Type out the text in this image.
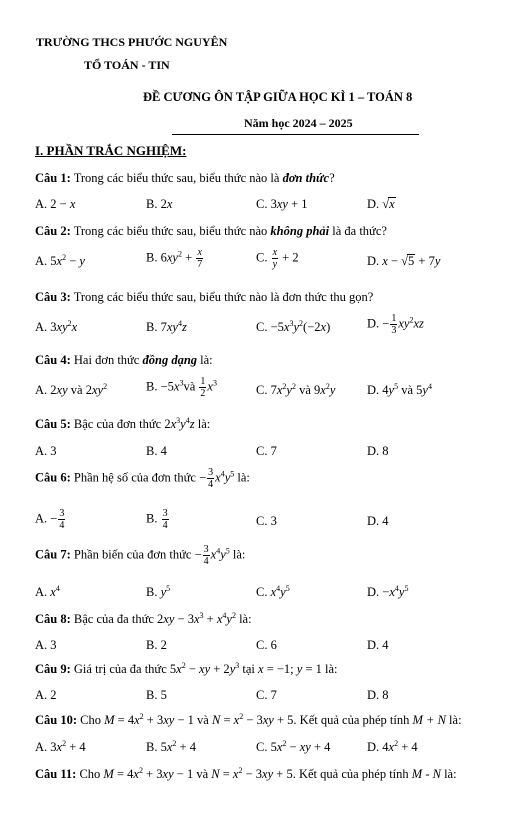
TRƯỜNG THCS PHƯỚC NGUYÊN
TỔ TOÁN - TIN
ĐỀ CƯƠNG ÔN TẬP GIỮA HỌC KÌ 1 – TOÁN 8
Năm học 2024 – 2025
I. PHẦN TRẮC NGHIỆM:
Câu 1: Trong các biểu thức sau, biểu thức nào là đơn thức?
A. 2 − x	B. 2x	C. 3xy + 1	D. √x
Câu 2: Trong các biểu thức sau, biểu thức nào không phải là đa thức?
A. $5x^2 - y$	B. $6xy^2 + \frac{x}{7}$	C. $\frac{x}{y} + 2$	D. x − √5 + 7y
Câu 3: Trong các biểu thức sau, biểu thức nào là đơn thức thu gọn?
A. $3xy^2x$	B. $7xy^4z$	C. $-5x^3y^2(-2x)$	D. − $\frac{1}{3} xy^2xz$
Câu 4: Hai đơn thức đồng dạng là:
A. 2xy và $2xy^2$	B. $-5x^3và \frac{1}{2} x^3$
C. $7x^2y^2$ và $9x^2y$	D. $4y^5$ và $5y^4$
Câu 5: Bậc của đơn thức $2x^3y^4z$ là:
A. 3	B. 4	C. 7	D. 8
Câu 6: Phần hệ số của đơn thức − $\frac{3}{4} x^4y^5$ là:
A. − $\frac{3}{4}$	B. $\frac{3}{4}$	C. 3	D. 4
Câu 7: Phần biến của đơn thức − $\frac{3}{4} x^4y^5$ là:
A. $x^4$	B. $y^5$	C. $x^4y^5$	D. $-x^4y^5$
Câu 8: Bậc của đa thức $2xy - 3x^3 + x^4y^2$ là:
A. 3	B. 2	C. 6	D. 4
Câu 9: Giá trị của đa thức $5x^2$ − xy + $2y^3$ tại x = −1; y = 1 là:
A. 2	B. 5	C. 7	D. 8
Câu 10: Cho $M = 4x^2 + 3xy - 1$ và $N = x^2 - 3xy + 5$. Kết quả của phép tính M + N là:
A. $3x^2 + 4$	B. $5x^2 + 4$	C. $5x^2$ − xy + 4	D. $4x^2 + 4$
Câu 11: Cho $M = 4x^2 + 3xy - 1$ và $N = x^2 - 3xy + 5$. Kết quả của phép tính M - N là:
